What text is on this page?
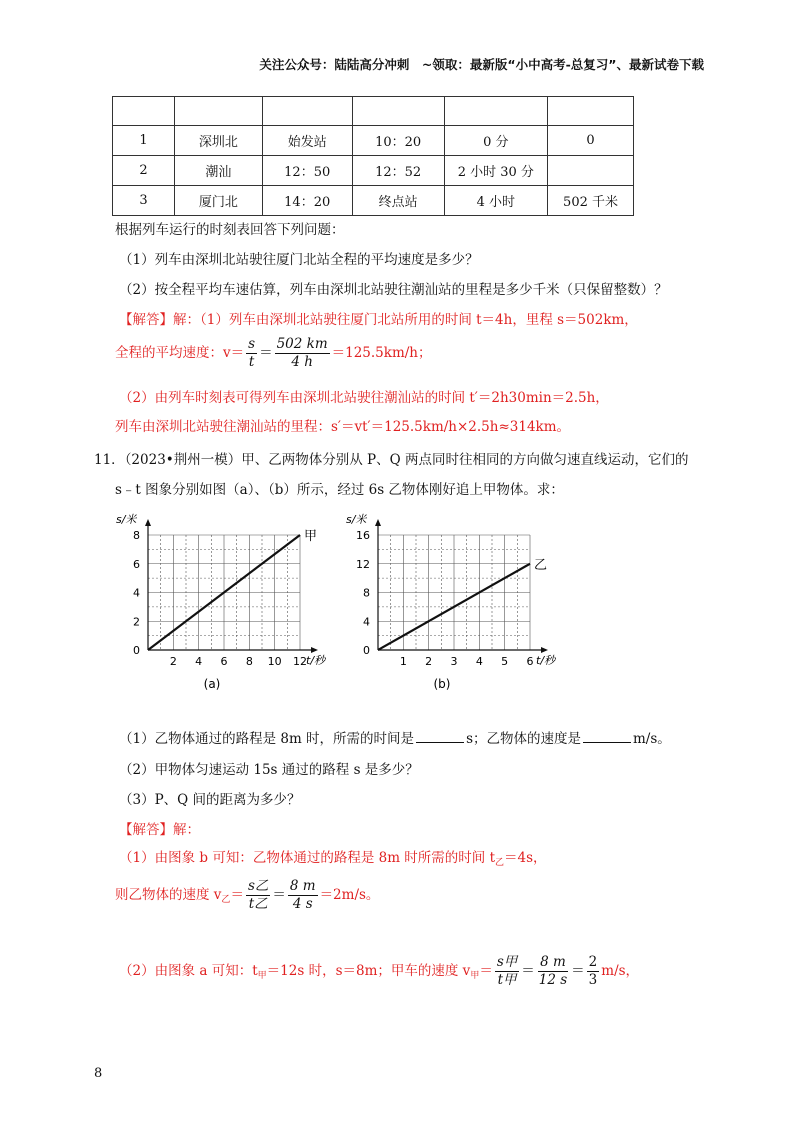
关注公众号：陆陆高分冲刺　~领取：最新版“小中高考-总复习”、最新试卷下载

1	深圳北	始发站	10：20	0 分	0
2	潮汕	12：50	12：52	2 小时 30 分	
3	厦门北	14：20	终点站	4 小时	502 千米
根据列车运行的时刻表回答下列问题：
（1）列车由深圳北站驶往厦门北站全程的平均速度是多少？
（2）按全程平均车速估算，列车由深圳北站驶往潮汕站的里程是多少千米（只保留整数）？
【解答】解：（1）列车由深圳北站驶往厦门北站所用的时间 t＝4h，里程 s＝502km，
全程的平均速度：$v= \frac{s}{t} = \frac{502 km}{4 h} =125.5km/h$；
（2）由列车时刻表可得列车由深圳北站驶往潮汕站的时间 t′＝2h30min＝2.5h，
列车由深圳北站驶往潮汕站的里程：s′＝vt′＝125.5km/h×2.5h≈314km。
11．（2023•荆州一模）甲、乙两物体分别从 P、Q 两点同时往相同的方向做匀速直线运动，它们的
s﹣t 图象分别如图（a）、（b）所示，经过 6s 乙物体刚好追上甲物体。求：
2 4 6 8 10 12
2
4
6
8
0
s/米
t/秒
甲
(a)
1 2 3 4 5 6
4
8
12
16
0
s/米
t/秒
乙
(b)
（1）乙物体通过的路程是 8m 时，所需的时间是	s；乙物体的速度是	m/s。
（2）甲物体匀速运动 15s 通过的路程 s 是多少？
（3）P、Q 间的距离为多少？
【解答】解：
（1）由图象 b 可知：乙物体通过的路程是 8m 时所需的时间 $t_乙=4s$，
则乙物体的速度 $v_乙= \frac{\text{s乙}}{\text{t乙}} = \frac{8 m}{4 s} =2m/s$。
（2）由图象 a 可知：$t_甲=12s$ 时，s＝8m；甲车的速度 $v_甲= \frac{\text{s甲}}{\text{t甲}} = \frac{8 m}{12 s} = \frac{2}{3} m/s$，
8
